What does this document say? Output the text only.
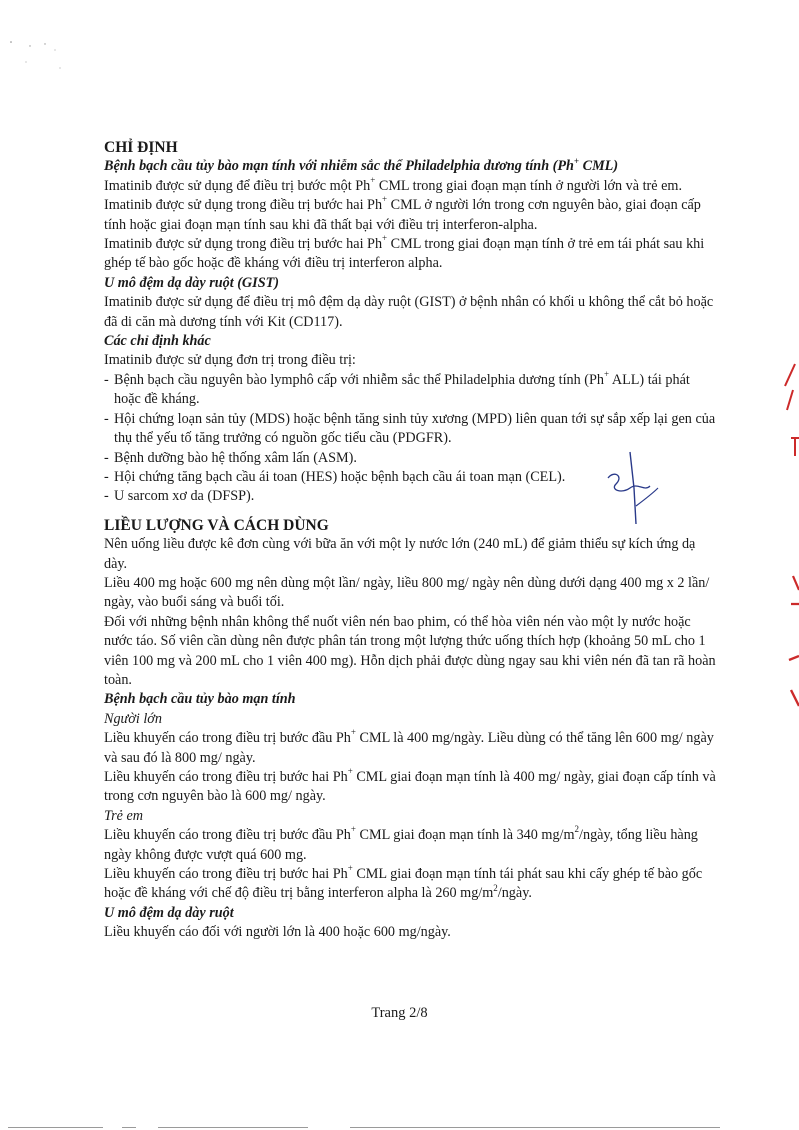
CHỈ ĐỊNH

Bệnh bạch cầu tủy bào mạn tính với nhiễm sắc thể Philadelphia dương tính (Ph+ CML)

Imatinib được sử dụng để điều trị bước một Ph+ CML trong giai đoạn mạn tính ở người lớn và trẻ em.

Imatinib được sử dụng trong điều trị bước hai Ph+ CML ở người lớn trong cơn nguyên bào, giai đoạn cấp tính hoặc giai đoạn mạn tính sau khi đã thất bại với điều trị interferon-alpha.

Imatinib được sử dụng trong điều trị bước hai Ph+ CML trong giai đoạn mạn tính ở trẻ em tái phát sau khi ghép tế bào gốc hoặc đề kháng với điều trị interferon alpha.

U mô đệm dạ dày ruột (GIST)

Imatinib được sử dụng để điều trị mô đệm dạ dày ruột (GIST) ở bệnh nhân có khối u không thể cắt bỏ hoặc đã di căn mà dương tính với Kit (CD117).

Các chỉ định khác

Imatinib được sử dụng đơn trị trong điều trị:

- Bệnh bạch cầu nguyên bào lymphô cấp với nhiễm sắc thể Philadelphia dương tính (Ph+ ALL) tái phát hoặc đề kháng.
- Hội chứng loạn sản tủy (MDS) hoặc bệnh tăng sinh tủy xương (MPD) liên quan tới sự sắp xếp lại gen của thụ thể yếu tố tăng trưởng có nguồn gốc tiểu cầu (PDGFR).
- Bệnh dưỡng bào hệ thống xâm lấn (ASM).
- Hội chứng tăng bạch cầu ái toan (HES) hoặc bệnh bạch cầu ái toan mạn (CEL).
- U sarcom xơ da (DFSP).

LIỀU LƯỢNG VÀ CÁCH DÙNG

Nên uống liều được kê đơn cùng với bữa ăn với một ly nước lớn (240 mL) để giảm thiểu sự kích ứng dạ dày.

Liều 400 mg hoặc 600 mg nên dùng một lần/ ngày, liều 800 mg/ ngày nên dùng dưới dạng 400 mg x 2 lần/ ngày, vào buổi sáng và buổi tối.

Đối với những bệnh nhân không thể nuốt viên nén bao phim, có thể hòa viên nén vào một ly nước hoặc nước táo. Số viên cần dùng nên được phân tán trong một lượng thức uống thích hợp (khoảng 50 mL cho 1 viên 100 mg và 200 mL cho 1 viên 400 mg). Hỗn dịch phải được dùng ngay sau khi viên nén đã tan rã hoàn toàn.

Bệnh bạch cầu tủy bào mạn tính

Người lớn

Liều khuyến cáo trong điều trị bước đầu Ph+ CML là 400 mg/ngày. Liều dùng có thể tăng lên 600 mg/ ngày và sau đó là 800 mg/ ngày.

Liều khuyến cáo trong điều trị bước hai Ph+ CML giai đoạn mạn tính là 400 mg/ ngày, giai đoạn cấp tính và trong cơn nguyên bào là 600 mg/ ngày.

Trẻ em

Liều khuyến cáo trong điều trị bước đầu Ph+ CML giai đoạn mạn tính là 340 $mg/m^2$/ngày, tổng liều hàng ngày không được vượt quá 600 mg.

Liều khuyến cáo trong điều trị bước hai Ph+ CML giai đoạn mạn tính tái phát sau khi cấy ghép tế bào gốc hoặc đề kháng với chế độ điều trị bằng interferon alpha là 260 $mg/m^2$/ngày.

U mô đệm dạ dày ruột

Liều khuyến cáo đối với người lớn là 400 hoặc 600 mg/ngày.

Trang 2/8
